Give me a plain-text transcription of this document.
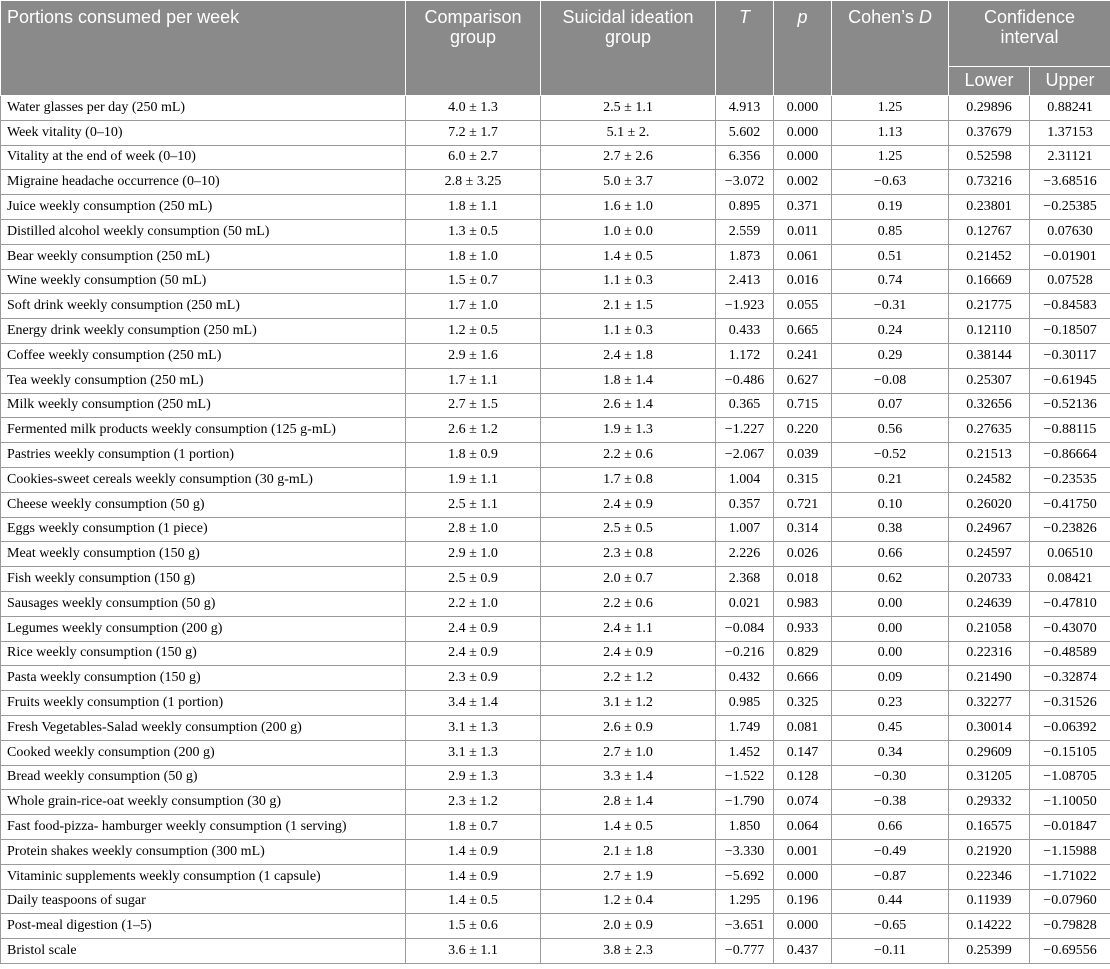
Portions consumed per week	Comparison group	Suicidal ideation group	T	p	Cohen’s D	Confidence interval	
						Lower	Upper
Water glasses per day (250 mL)	4.0 ± 1.3	2.5 ± 1.1	4.913	0.000	1.25	0.29896	0.88241
Week vitality (0–10)	7.2 ± 1.7	5.1 ± 2.	5.602	0.000	1.13	0.37679	1.37153
Vitality at the end of week (0–10)	6.0 ± 2.7	2.7 ± 2.6	6.356	0.000	1.25	0.52598	2.31121
Migraine headache occurrence (0–10)	2.8 ± 3.25	5.0 ± 3.7	−3.072	0.002	−0.63	0.73216	−3.68516
Juice weekly consumption (250 mL)	1.8 ± 1.1	1.6 ± 1.0	0.895	0.371	0.19	0.23801	−0.25385
Distilled alcohol weekly consumption (50 mL)	1.3 ± 0.5	1.0 ± 0.0	2.559	0.011	0.85	0.12767	0.07630
Bear weekly consumption (250 mL)	1.8 ± 1.0	1.4 ± 0.5	1.873	0.061	0.51	0.21452	−0.01901
Wine weekly consumption (50 mL)	1.5 ± 0.7	1.1 ± 0.3	2.413	0.016	0.74	0.16669	0.07528
Soft drink weekly consumption (250 mL)	1.7 ± 1.0	2.1 ± 1.5	−1.923	0.055	−0.31	0.21775	−0.84583
Energy drink weekly consumption (250 mL)	1.2 ± 0.5	1.1 ± 0.3	0.433	0.665	0.24	0.12110	−0.18507
Coffee weekly consumption (250 mL)	2.9 ± 1.6	2.4 ± 1.8	1.172	0.241	0.29	0.38144	−0.30117
Tea weekly consumption (250 mL)	1.7 ± 1.1	1.8 ± 1.4	−0.486	0.627	−0.08	0.25307	−0.61945
Milk weekly consumption (250 mL)	2.7 ± 1.5	2.6 ± 1.4	0.365	0.715	0.07	0.32656	−0.52136
Fermented milk products weekly consumption (125 g-mL)	2.6 ± 1.2	1.9 ± 1.3	−1.227	0.220	0.56	0.27635	−0.88115
Pastries weekly consumption (1 portion)	1.8 ± 0.9	2.2 ± 0.6	−2.067	0.039	−0.52	0.21513	−0.86664
Cookies-sweet cereals weekly consumption (30 g-mL)	1.9 ± 1.1	1.7 ± 0.8	1.004	0.315	0.21	0.24582	−0.23535
Cheese weekly consumption (50 g)	2.5 ± 1.1	2.4 ± 0.9	0.357	0.721	0.10	0.26020	−0.41750
Eggs weekly consumption (1 piece)	2.8 ± 1.0	2.5 ± 0.5	1.007	0.314	0.38	0.24967	−0.23826
Meat weekly consumption (150 g)	2.9 ± 1.0	2.3 ± 0.8	2.226	0.026	0.66	0.24597	0.06510
Fish weekly consumption (150 g)	2.5 ± 0.9	2.0 ± 0.7	2.368	0.018	0.62	0.20733	0.08421
Sausages weekly consumption (50 g)	2.2 ± 1.0	2.2 ± 0.6	0.021	0.983	0.00	0.24639	−0.47810
Legumes weekly consumption (200 g)	2.4 ± 0.9	2.4 ± 1.1	−0.084	0.933	0.00	0.21058	−0.43070
Rice weekly consumption (150 g)	2.4 ± 0.9	2.4 ± 0.9	−0.216	0.829	0.00	0.22316	−0.48589
Pasta weekly consumption (150 g)	2.3 ± 0.9	2.2 ± 1.2	0.432	0.666	0.09	0.21490	−0.32874
Fruits weekly consumption (1 portion)	3.4 ± 1.4	3.1 ± 1.2	0.985	0.325	0.23	0.32277	−0.31526
Fresh Vegetables-Salad weekly consumption (200 g)	3.1 ± 1.3	2.6 ± 0.9	1.749	0.081	0.45	0.30014	−0.06392
Cooked weekly consumption (200 g)	3.1 ± 1.3	2.7 ± 1.0	1.452	0.147	0.34	0.29609	−0.15105
Bread weekly consumption (50 g)	2.9 ± 1.3	3.3 ± 1.4	−1.522	0.128	−0.30	0.31205	−1.08705
Whole grain-rice-oat weekly consumption (30 g)	2.3 ± 1.2	2.8 ± 1.4	−1.790	0.074	−0.38	0.29332	−1.10050
Fast food-pizza- hamburger weekly consumption (1 serving)	1.8 ± 0.7	1.4 ± 0.5	1.850	0.064	0.66	0.16575	−0.01847
Protein shakes weekly consumption (300 mL)	1.4 ± 0.9	2.1 ± 1.8	−3.330	0.001	−0.49	0.21920	−1.15988
Vitaminic supplements weekly consumption (1 capsule)	1.4 ± 0.9	2.7 ± 1.9	−5.692	0.000	−0.87	0.22346	−1.71022
Daily teaspoons of sugar	1.4 ± 0.5	1.2 ± 0.4	1.295	0.196	0.44	0.11939	−0.07960
Post-meal digestion (1–5)	1.5 ± 0.6	2.0 ± 0.9	−3.651	0.000	−0.65	0.14222	−0.79828
Bristol scale	3.6 ± 1.1	3.8 ± 2.3	−0.777	0.437	−0.11	0.25399	−0.69556
